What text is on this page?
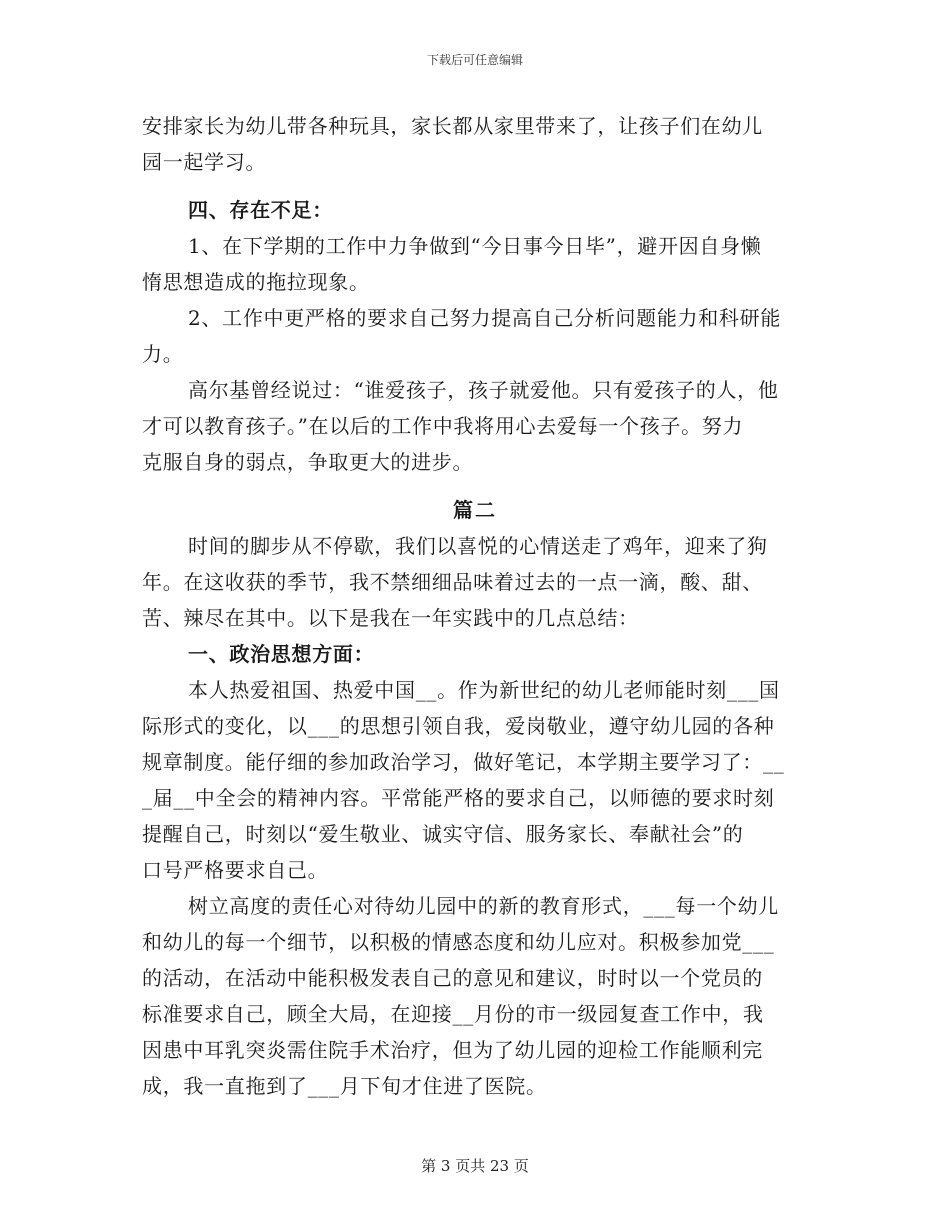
下载后可任意编辑
安排家长为幼儿带各种玩具，家长都从家里带来了，让孩子们在幼儿
园一起学习。
四、存在不足：
1、在下学期的工作中力争做到“今日事今日毕”，避开因自身懒
惰思想造成的拖拉现象。
2、工作中更严格的要求自己努力提高自己分析问题能力和科研能
力。
高尔基曾经说过：“谁爱孩子，孩子就爱他。只有爱孩子的人，他
才可以教育孩子。”在以后的工作中我将用心去爱每一个孩子。努力
克服自身的弱点，争取更大的进步。
篇二
时间的脚步从不停歇，我们以喜悦的心情送走了鸡年，迎来了狗
年。在这收获的季节，我不禁细细品味着过去的一点一滴，酸、甜、
苦、辣尽在其中。以下是我在一年实践中的几点总结：
一、政治思想方面：
本人热爱祖国、热爱中国__。作为新世纪的幼儿老师能时刻___国
际形式的变化，以___的思想引领自我，爱岗敬业，遵守幼儿园的各种
规章制度。能仔细的参加政治学习，做好笔记，本学期主要学习了：__
_届__中全会的精神内容。平常能严格的要求自己，以师德的要求时刻
提醒自己，时刻以“爱生敬业、诚实守信、服务家长、奉献社会”的
口号严格要求自己。
树立高度的责任心对待幼儿园中的新的教育形式，___每一个幼儿
和幼儿的每一个细节，以积极的情感态度和幼儿应对。积极参加党___
的活动，在活动中能积极发表自己的意见和建议，时时以一个党员的
标准要求自己，顾全大局，在迎接__月份的市一级园复查工作中，我
因患中耳乳突炎需住院手术治疗，但为了幼儿园的迎检工作能顺利完
成，我一直拖到了___月下旬才住进了医院。
第 3 页共 23 页
